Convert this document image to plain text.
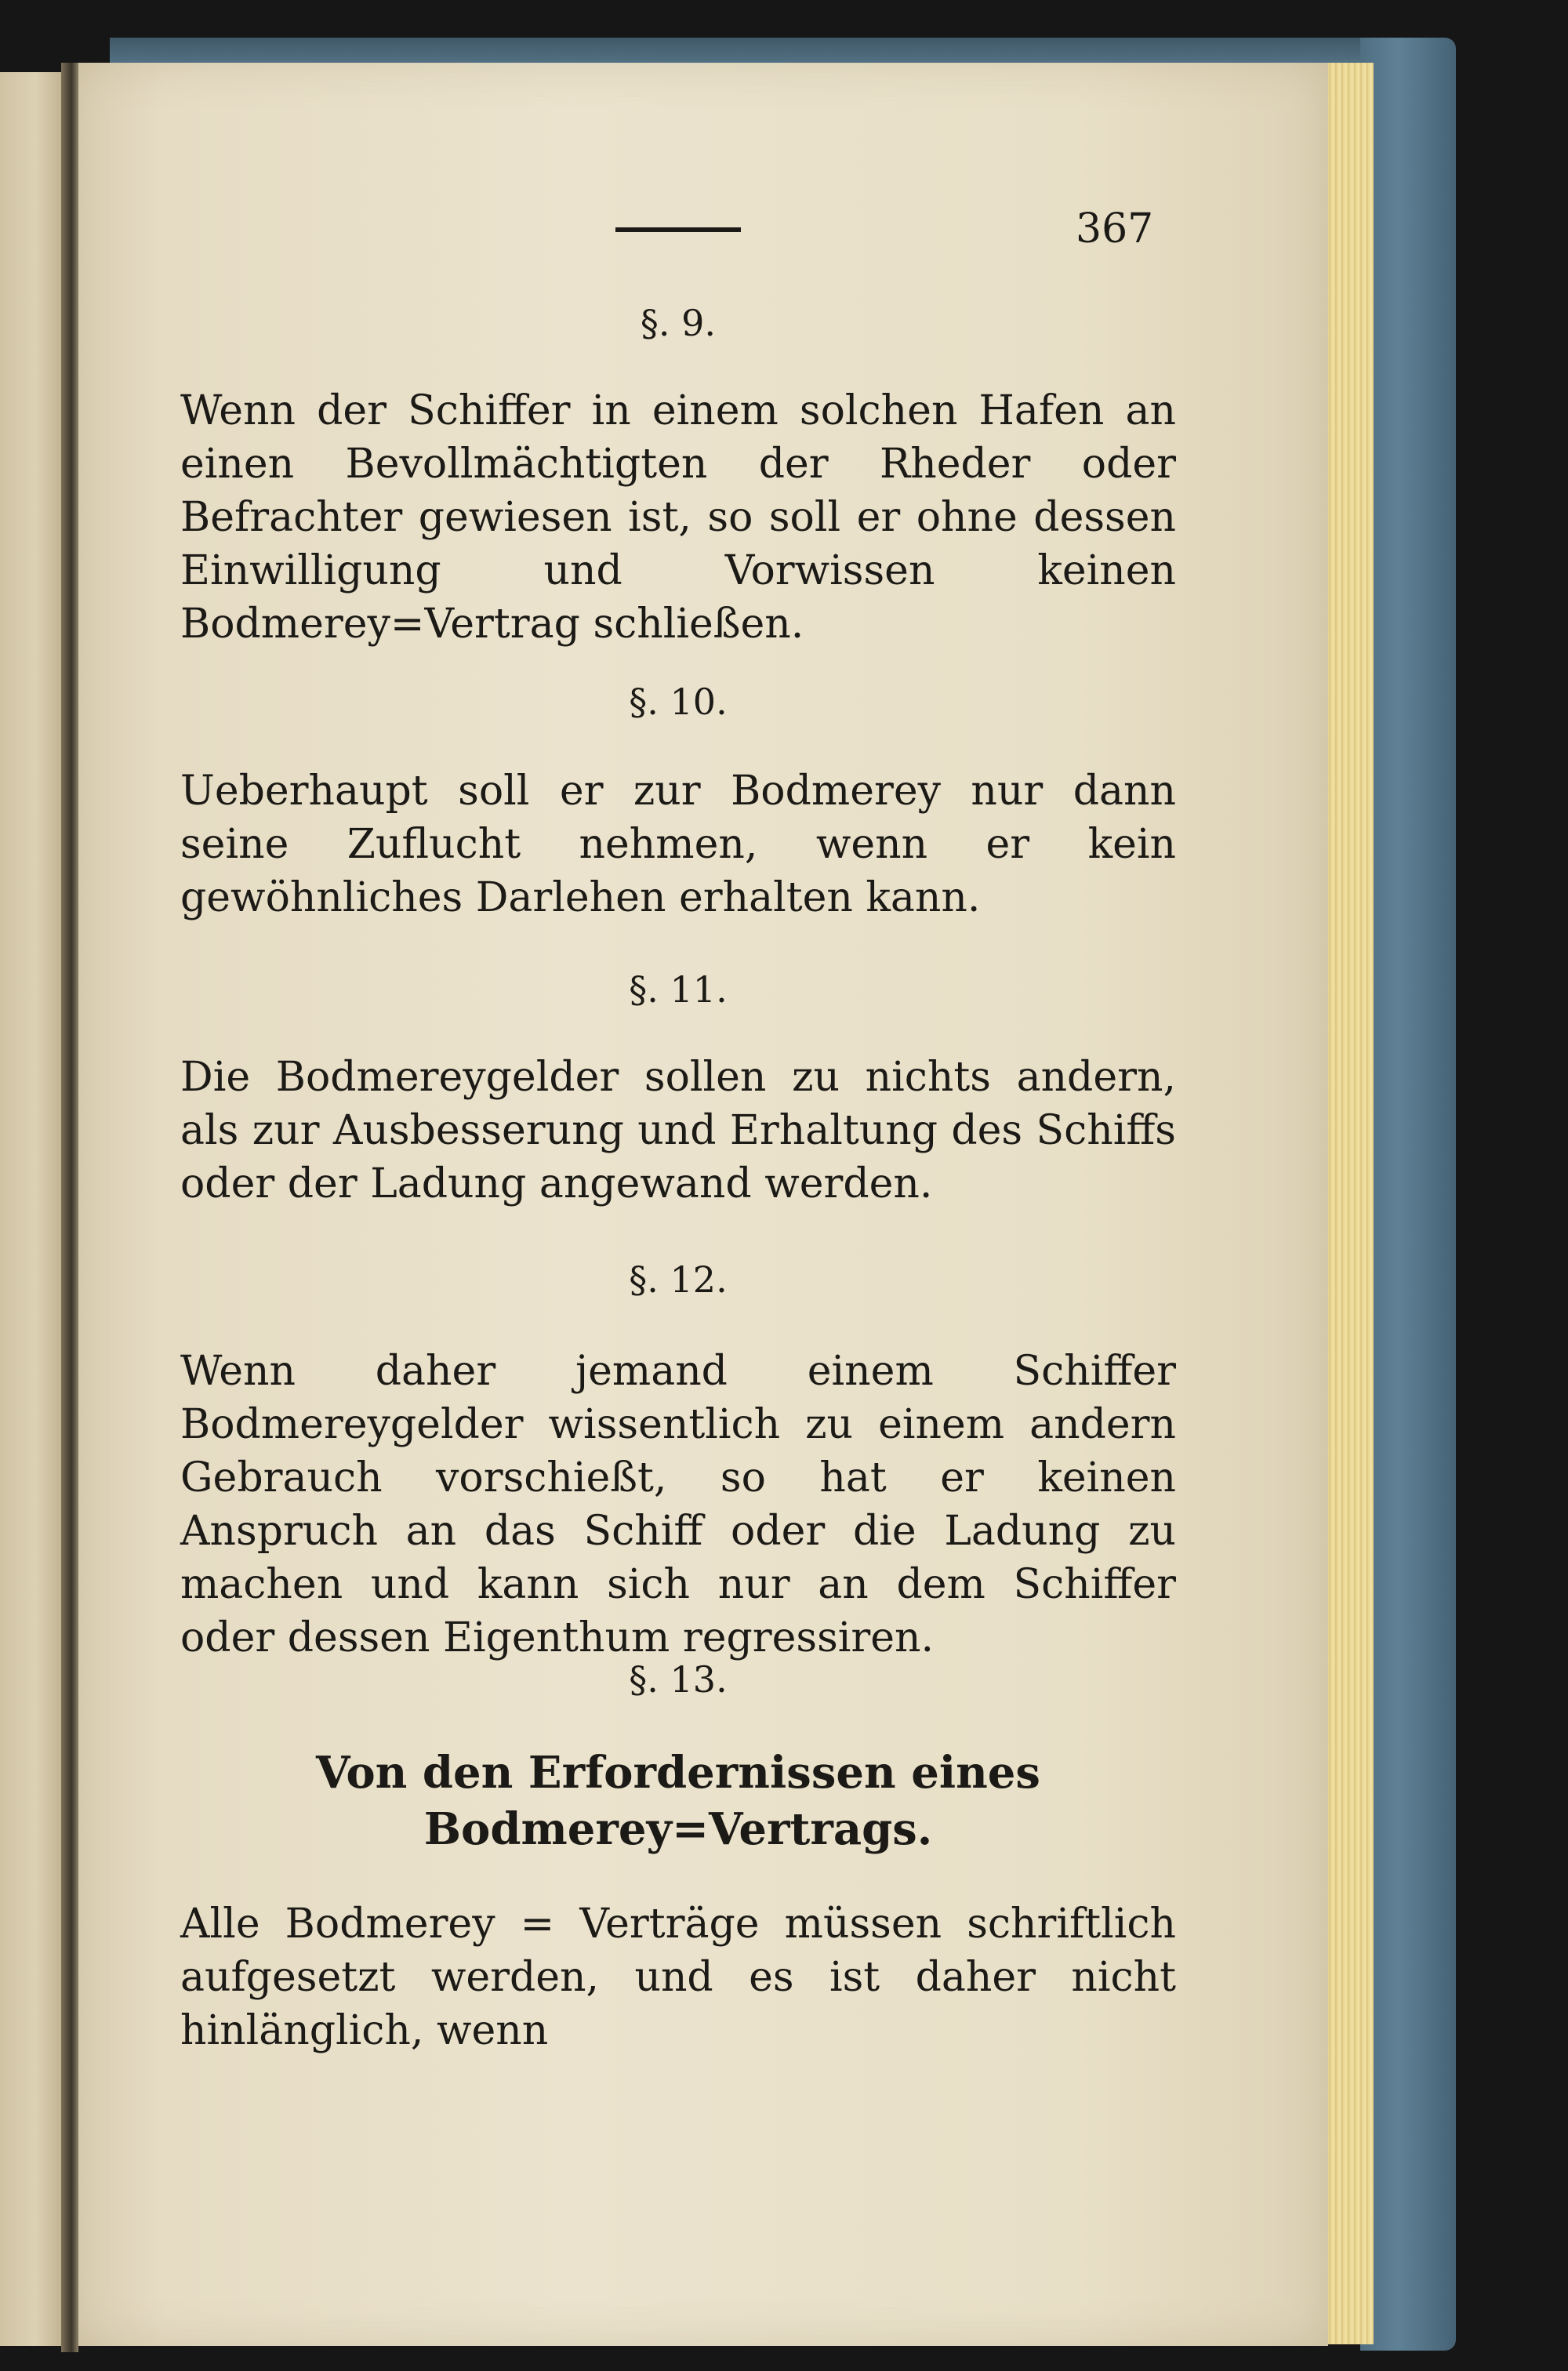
367
§. 9.

Wenn der Schiffer in einem solchen Hafen an einen Bevollmächtigten der Rheder oder Befrachter gewiesen ist, so soll er ohne dessen Einwilligung und Vorwissen keinen Bodmerey=Vertrag schließen.

§. 10.

Ueberhaupt soll er zur Bodmerey nur dann seine Zuflucht nehmen, wenn er kein gewöhnliches Darlehen erhalten kann.

§. 11.

Die Bodmereygelder sollen zu nichts andern, als zur Ausbesserung und Erhaltung des Schiffs oder der Ladung angewand werden.

§. 12.

Wenn daher jemand einem Schiffer Bodmereygelder wissentlich zu einem andern Gebrauch vorschießt, so hat er keinen Anspruch an das Schiff oder die Ladung zu machen und kann sich nur an dem Schiffer oder dessen Eigenthum regressiren.

§. 13.
Von den Erfordernissen eines Bodmerey=Vertrags.

Alle Bodmerey = Verträge müssen schriftlich aufgesetzt werden, und es ist daher nicht hinlänglich, wenn
